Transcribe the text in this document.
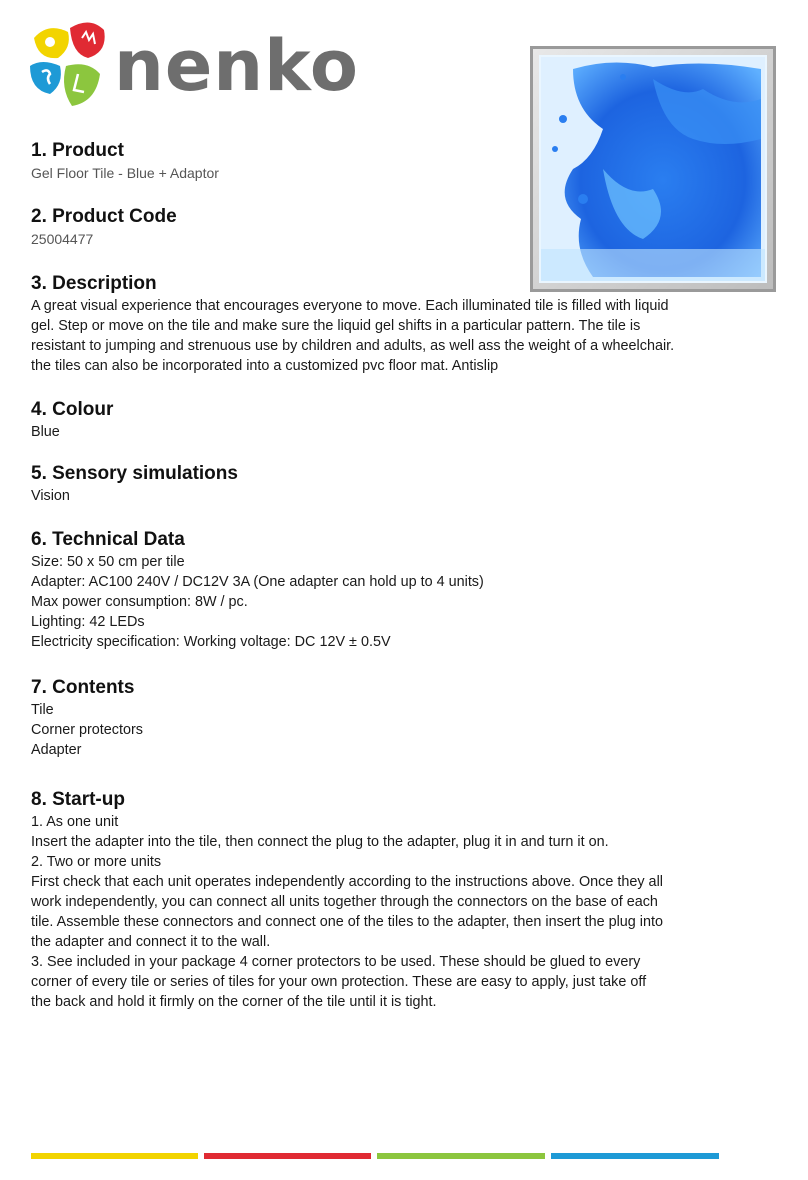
nenko
1. Product

Gel Floor Tile - Blue + Adaptor

2. Product Code

25004477

3. Description

A great visual experience that encourages everyone to move. Each illuminated tile is filled with liquid

gel. Step or move on the tile and make sure the liquid gel shifts in a particular pattern. The tile is

resistant to jumping and strenuous use by children and adults, as well ass the weight of a wheelchair.

the tiles can also be incorporated into a customized pvc floor mat. Antislip

4. Colour

Blue

5. Sensory simulations

Vision

6. Technical Data

Size: 50 x 50 cm per tile

Adapter: AC100 240V / DC12V 3A (One adapter can hold up to 4 units)

Max power consumption: 8W / pc.

Lighting: 42 LEDs

Electricity specification: Working voltage: DC 12V ± 0.5V

7. Contents

Tile

Corner protectors

Adapter

8. Start-up

1. As one unit

Insert the adapter into the tile, then connect the plug to the adapter, plug it in and turn it on.

2. Two or more units

First check that each unit operates independently according to the instructions above. Once they all

work independently, you can connect all units together through the connectors on the base of each

tile. Assemble these connectors and connect one of the tiles to the adapter, then insert the plug into

the adapter and connect it to the wall.

3. See included in your package 4 corner protectors to be used. These should be glued to every

corner of every tile or series of tiles for your own protection. These are easy to apply, just take off

the back and hold it firmly on the corner of the tile until it is tight.
